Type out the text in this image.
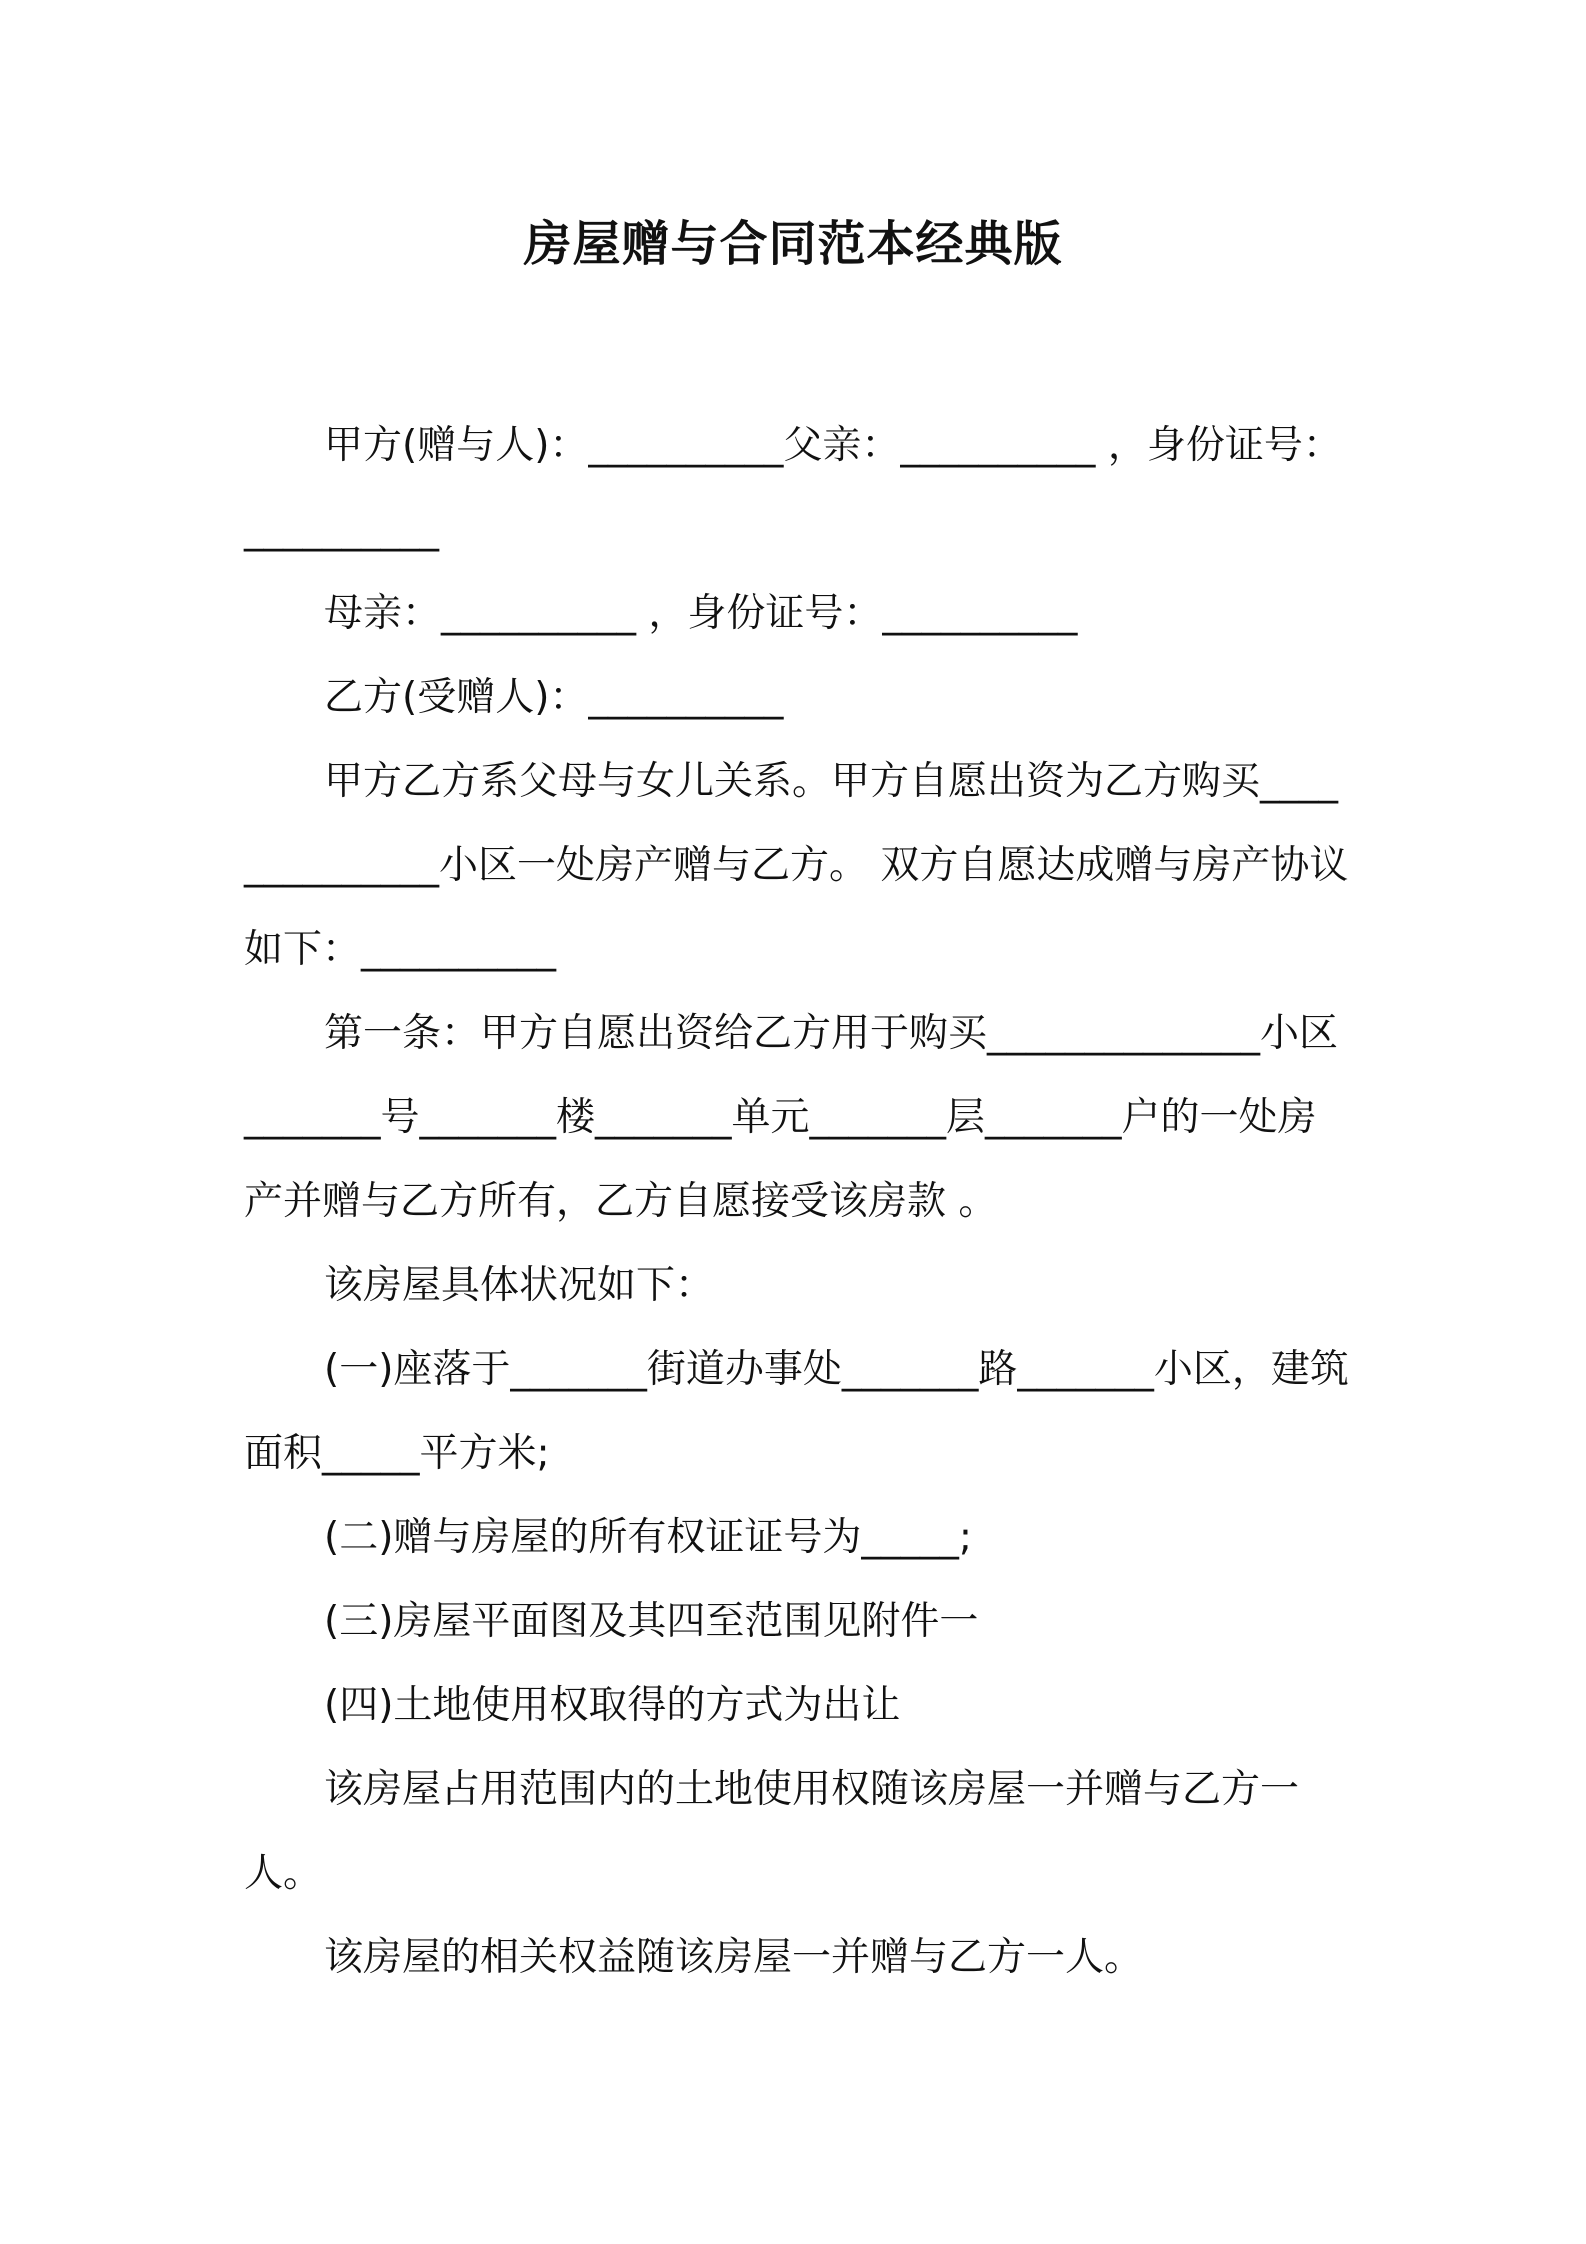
房屋赠与合同范本经典版

甲方(赠与人)：__________父亲：__________ ，身份证号：__________

母亲：__________ ，身份证号：__________

乙方(受赠人)：__________

甲方乙方系父母与女儿关系。甲方自愿出资为乙方购买______________小区一处房产赠与乙方。 双方自愿达成赠与房产协议如下：__________

第一条：甲方自愿出资给乙方用于购买______________小区_______号_______楼_______单元_______层_______户的一处房产并赠与乙方所有，乙方自愿接受该房款 。

该房屋具体状况如下：

(一)座落于_______街道办事处_______路_______小区，建筑面积_____平方米;

(二)赠与房屋的所有权证证号为_____;

(三)房屋平面图及其四至范围见附件一

(四)土地使用权取得的方式为出让

该房屋占用范围内的土地使用权随该房屋一并赠与乙方一人。

该房屋的相关权益随该房屋一并赠与乙方一人。
